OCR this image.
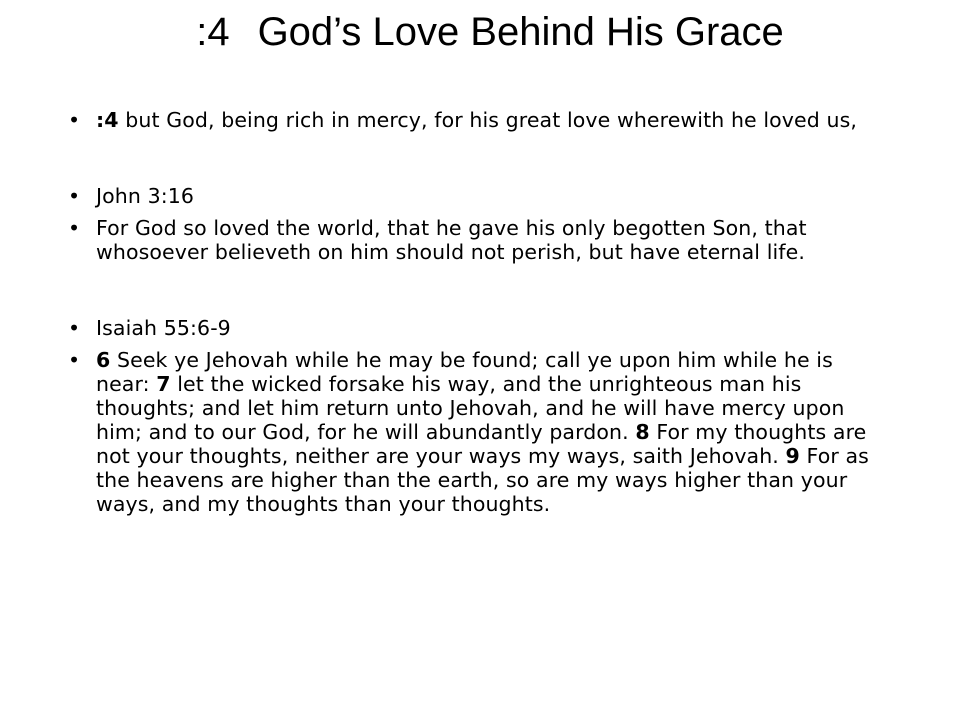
:4 God’s Love Behind His Grace
• :4 but God, being rich in mercy, for his great love wherewith he loved us,
• John 3:16
• For God so loved the world, that he gave his only begotten Son, that whosoever believeth on him should not perish, but have eternal life.
• Isaiah 55:6-9
• 6 Seek ye Jehovah while he may be found; call ye upon him while he is near: 7 let the wicked forsake his way, and the unrighteous man his thoughts; and let him return unto Jehovah, and he will have mercy upon him; and to our God, for he will abundantly pardon. 8 For my thoughts are not your thoughts, neither are your ways my ways, saith Jehovah. 9 For as the heavens are higher than the earth, so are my ways higher than your ways, and my thoughts than your thoughts.
